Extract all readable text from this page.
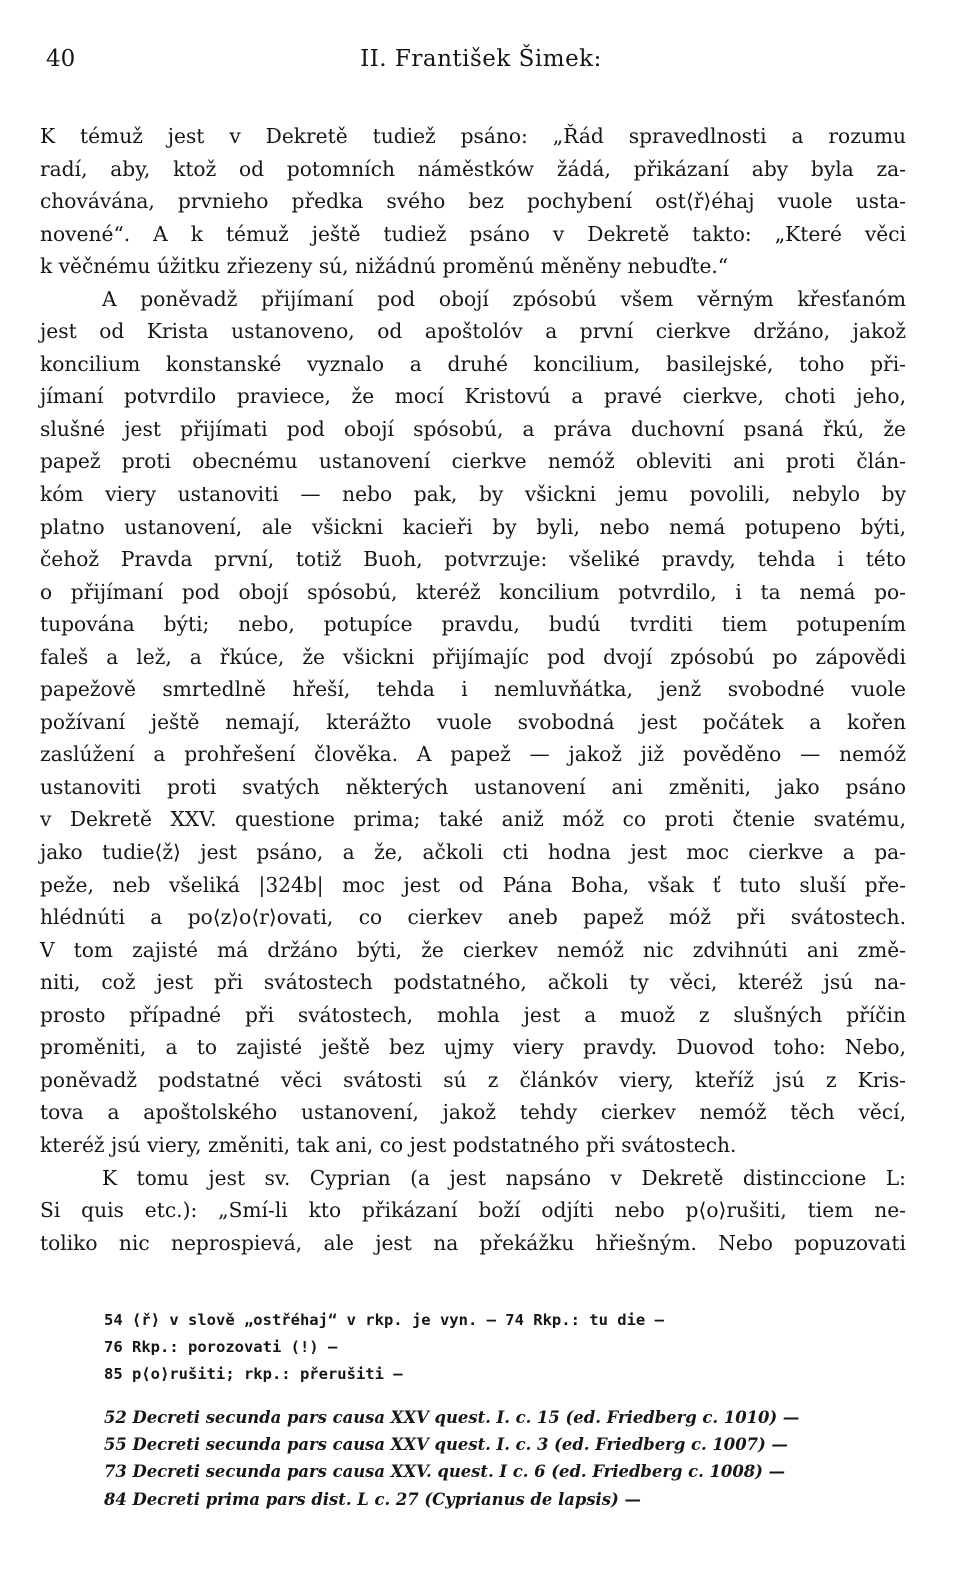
40	II. František Šimek:
K témuž jest v Dekretě tudiež psáno: „Řád spravedlnosti a rozumu
radí, aby, ktož od potomních náměstków žádá, přikázaní aby byla za-
chovávána, prvnieho předka svého bez pochybení ost⟨ř⟩éhaj vuole usta-
novené“. A k témuž ještě tudiež psáno v Dekretě takto: „Které věci
k věčnému úžitku zřiezeny sú, nižádnú proměnú měněny nebuďte.“
A poněvadž přijímaní pod obojí zpósobú všem věrným křesťanóm
jest od Krista ustanoveno, od apoštolóv a první cierkve držáno, jakož
koncilium konstanské vyznalo a druhé koncilium, basilejské, toho při-
jímaní potvrdilo praviece, že mocí Kristovú a pravé cierkve, choti jeho,
slušné jest přijímati pod obojí spósobú, a práva duchovní psaná řkú, že
papež proti obecnému ustanovení cierkve nemóž obleviti ani proti člán-
kóm viery ustanoviti — nebo pak, by všickni jemu povolili, nebylo by
platno ustanovení, ale všickni kacieři by byli, nebo nemá potupeno býti,
čehož Pravda první, totiž Buoh, potvrzuje: všeliké pravdy, tehda i této
o přijímaní pod obojí spósobú, kteréž koncilium potvrdilo, i ta nemá po-
tupována býti; nebo, potupíce pravdu, budú tvrditi tiem potupením
faleš a lež, a řkúce, že všickni přijímajíc pod dvojí zpósobú po zápovědi
papežově smrtedlně hřeší, tehda i nemluvňátka, jenž svobodné vuole
požívaní ještě nemají, kterážto vuole svobodná jest počátek a kořen
zaslúžení a prohřešení člověka. A papež — jakož již pověděno — nemóž
ustanoviti proti svatých některých ustanovení ani změniti, jako psáno
v Dekretě XXV. questione prima; také aniž móž co proti čtenie svatému,
jako tudie⟨ž⟩ jest psáno, a že, ačkoli cti hodna jest moc cierkve a pa-
peže, neb všeliká |324b| moc jest od Pána Boha, však ť tuto sluší pře-
hlédnúti a po⟨z⟩o⟨r⟩ovati, co cierkev aneb papež móž při svátostech.
V tom zajisté má držáno býti, že cierkev nemóž nic zdvihnúti ani změ-
niti, což jest při svátostech podstatného, ačkoli ty věci, kteréž jsú na-
prosto případné při svátostech, mohla jest a muož z slušných příčin
proměniti, a to zajisté ještě bez ujmy viery pravdy. Duovod toho: Nebo,
poněvadž podstatné věci svátosti sú z článkóv viery, kteříž jsú z Kris-
tova a apoštolského ustanovení, jakož tehdy cierkev nemóž těch věcí,
kteréž jsú viery, změniti, tak ani, co jest podstatného při svátostech.
K tomu jest sv. Cyprian (a jest napsáno v Dekretě distinccione L:
Si quis etc.): „Smí-li kto přikázaní boží odjíti nebo p⟨o⟩rušiti, tiem ne-
toliko nic neprospievá, ale jest na překážku hřiešným. Nebo popuzovati
54 ⟨ř⟩ v slově „ostřéhaj“ v rkp. je vyn. — 74 Rkp.: tu die —
76 Rkp.: porozovati (!) —
85 p⟨o⟩rušiti; rkp.: přerušiti —
52 Decreti secunda pars causa XXV quest. I. c. 15 (ed. Friedberg c. 1010) —
55 Decreti secunda pars causa XXV quest. I. c. 3 (ed. Friedberg c. 1007) —
73 Decreti secunda pars causa XXV. quest. I c. 6 (ed. Friedberg c. 1008) —
84 Decreti prima pars dist. L c. 27 (Cyprianus de lapsis) —
